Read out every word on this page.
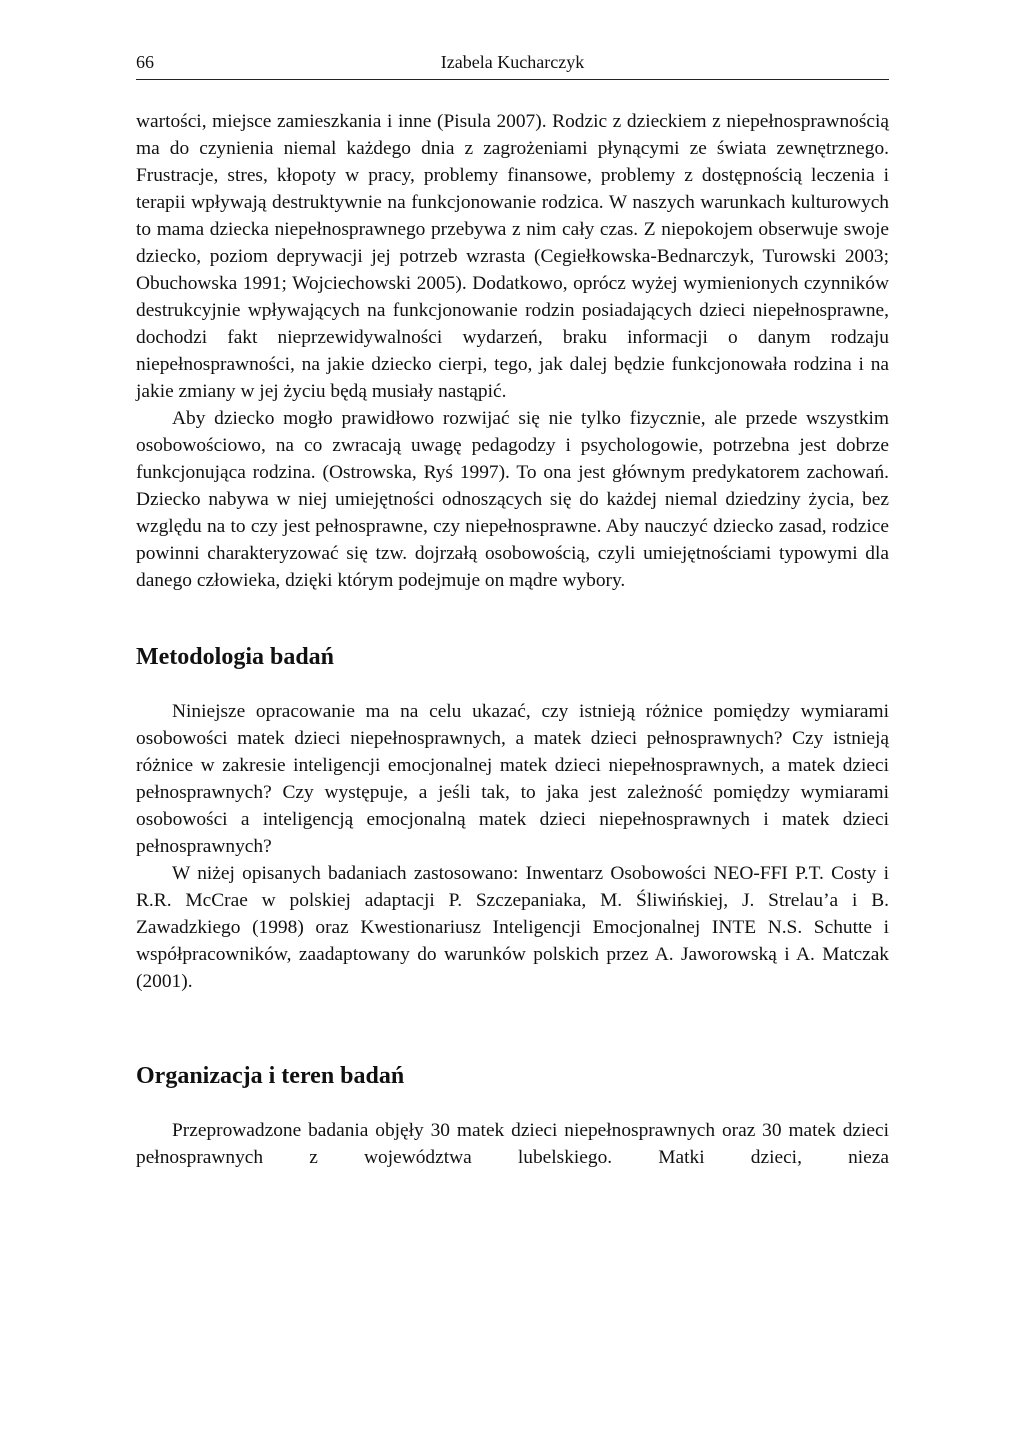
66	Izabela Kucharczyk

wartości, miejsce zamieszkania i inne (Pisula 2007). Rodzic z dzieckiem z niepełnosprawnością ma do czynienia niemal każdego dnia z zagrożeniami płynącymi ze świata zewnętrznego. Frustracje, stres, kłopoty w pracy, problemy finansowe, problemy z dostępnością leczenia i terapii wpływają destruktywnie na funkcjonowanie rodzica. W naszych warunkach kulturowych to mama dziecka niepełnosprawnego przebywa z nim cały czas. Z niepokojem obserwuje swoje dziecko, poziom deprywacji jej potrzeb wzrasta (Cegiełkowska-Bednarczyk, Turowski 2003; Obuchowska 1991; Wojciechowski 2005). Dodatkowo, oprócz wyżej wymienionych czynników destrukcyjnie wpływających na funkcjonowanie rodzin posiadających dzieci niepełnosprawne, dochodzi fakt nieprzewidywalności wydarzeń, braku informacji o danym rodzaju niepełnosprawności, na jakie dziecko cierpi, tego, jak dalej będzie funkcjonowała rodzina i na jakie zmiany w jej życiu będą musiały nastąpić.

Aby dziecko mogło prawidłowo rozwijać się nie tylko fizycznie, ale przede wszystkim osobowościowo, na co zwracają uwagę pedagodzy i psychologowie, potrzebna jest dobrze funkcjonująca rodzina. (Ostrowska, Ryś 1997). To ona jest głównym predykatorem zachowań. Dziecko nabywa w niej umiejętności odnoszących się do każdej niemal dziedziny życia, bez względu na to czy jest pełnosprawne, czy niepełnosprawne. Aby nauczyć dziecko zasad, rodzice powinni charakteryzować się tzw. dojrzałą osobowością, czyli umiejętnościami typowymi dla danego człowieka, dzięki którym podejmuje on mądre wybory.

Metodologia badań

Niniejsze opracowanie ma na celu ukazać, czy istnieją różnice pomiędzy wymiarami osobowości matek dzieci niepełnosprawnych, a matek dzieci pełnosprawnych? Czy istnieją różnice w zakresie inteligencji emocjonalnej matek dzieci niepełnosprawnych, a matek dzieci pełnosprawnych? Czy występuje, a jeśli tak, to jaka jest zależność pomiędzy wymiarami osobowości a inteligencją emocjonalną matek dzieci niepełnosprawnych i matek dzieci pełnosprawnych?

W niżej opisanych badaniach zastosowano: Inwentarz Osobowości NEO-FFI P.T. Costy i R.R. McCrae w polskiej adaptacji P. Szczepaniaka, M. Śliwińskiej, J. Strelau’a i B. Zawadzkiego (1998) oraz Kwestionariusz Inteligencji Emocjonalnej INTE N.S. Schutte i współpracowników, zaadaptowany do warunków polskich przez A. Jaworowską i A. Matczak (2001).

Organizacja i teren badań

Przeprowadzone badania objęły 30 matek dzieci niepełnosprawnych oraz 30 matek dzieci pełnosprawnych z województwa lubelskiego. Matki dzieci, nieza
